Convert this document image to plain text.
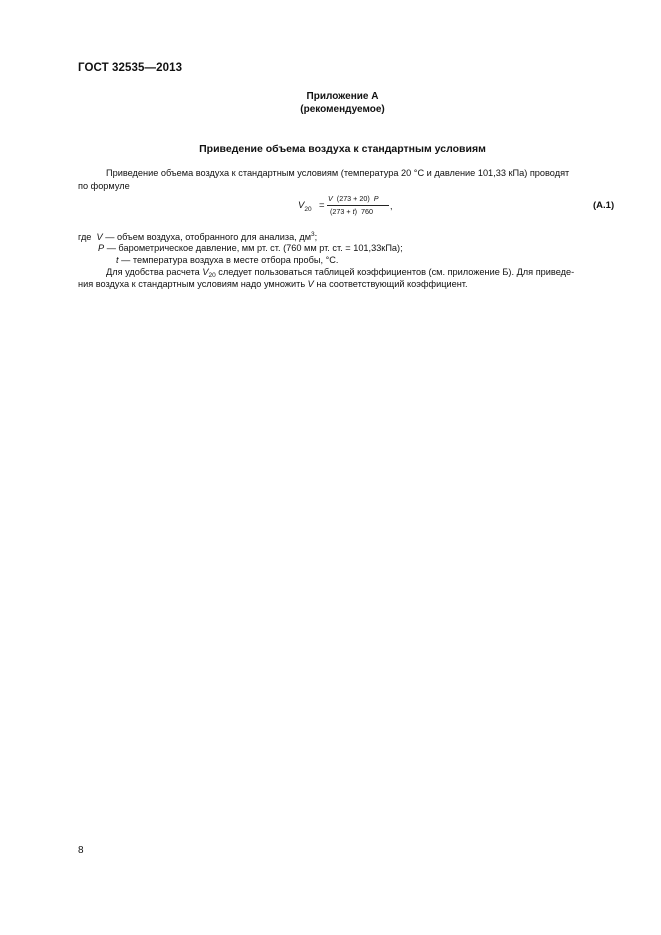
ГОСТ 32535—2013
Приложение А
(рекомендуемое)
Приведение объема воздуха к стандартным условиям
Приведение объема воздуха к стандартным условиям (температура 20 °С и давление 101,33 кПа) проводят
по формуле
$V_{20}$ =
V (273 + 20) P
(273 + t) 760
,	(А.1)
где V — объем воздуха, отобранного для анализа, $дм^3$;
P — барометрическое давление, мм рт. ст. (760 мм рт. ст. = 101,33кПа);
t — температура воздуха в месте отбора пробы, °С.
Для удобства расчета $V_{20}$ следует пользоваться таблицей коэффициентов (см. приложение Б). Для приведе-
ния воздуха к стандартным условиям надо умножить V на соответствующий коэффициент.
8
